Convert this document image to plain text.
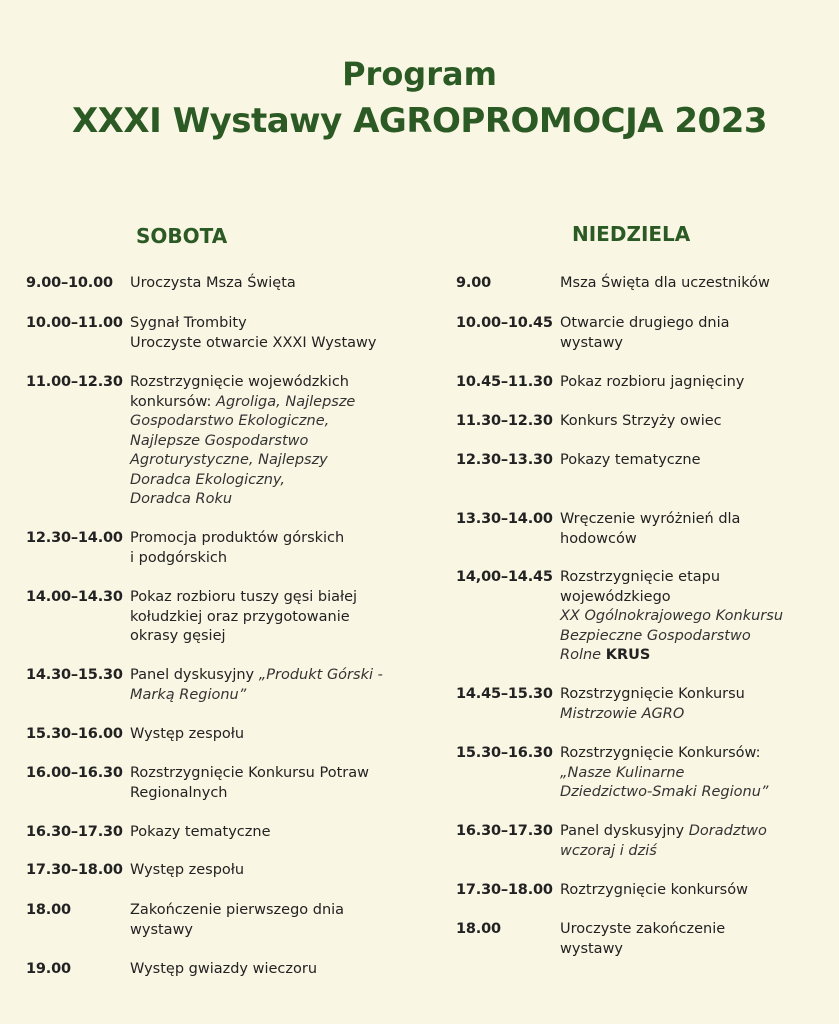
Program
XXXI Wystawy AGROPROMOCJA 2023
SOBOTA	NIEDZIELA
9.00–10.00 Uroczysta Msza Święta
10.00–11.00 Sygnał Trombity
Uroczyste otwarcie XXXI Wystawy
11.00–12.30 Rozstrzygnięcie wojewódzkich
konkursów: Agroliga, Najlepsze
Gospodarstwo Ekologiczne,
Najlepsze Gospodarstwo
Agroturystyczne, Najlepszy
Doradca Ekologiczny,
Doradca Roku
12.30–14.00 Promocja produktów górskich
i podgórskich
14.00–14.30 Pokaz rozbioru tuszy gęsi białej
kołudzkiej oraz przygotowanie
okrasy gęsiej
14.30–15.30 Panel dyskusyjny „Produkt Górski -
Marką Regionu”
15.30–16.00 Występ zespołu
16.00–16.30 Rozstrzygnięcie Konkursu Potraw
Regionalnych
16.30–17.30 Pokazy tematyczne
17.30–18.00 Występ zespołu
18.00	Zakończenie pierwszego dnia
wystawy
19.00	Występ gwiazdy wieczoru
9.00	Msza Święta dla uczestników
10.00–10.45 Otwarcie drugiego dnia
wystawy
10.45–11.30 Pokaz rozbioru jagnięciny
11.30–12.30 Konkurs Strzyży owiec
12.30–13.30 Pokazy tematyczne
13.30–14.00 Wręczenie wyróżnień dla
hodowców
14,00–14.45 Rozstrzygnięcie etapu
wojewódzkiego
XX Ogólnokrajowego Konkursu
Bezpieczne Gospodarstwo
Rolne KRUS
14.45–15.30 Rozstrzygnięcie Konkursu
Mistrzowie AGRO
15.30–16.30 Rozstrzygnięcie Konkursów:
„Nasze Kulinarne
Dziedzictwo-Smaki Regionu”
16.30–17.30 Panel dyskusyjny Doradztwo
wczoraj i dziś
17.30–18.00 Roztrzygnięcie konkursów
18.00	Uroczyste zakończenie
wystawy
